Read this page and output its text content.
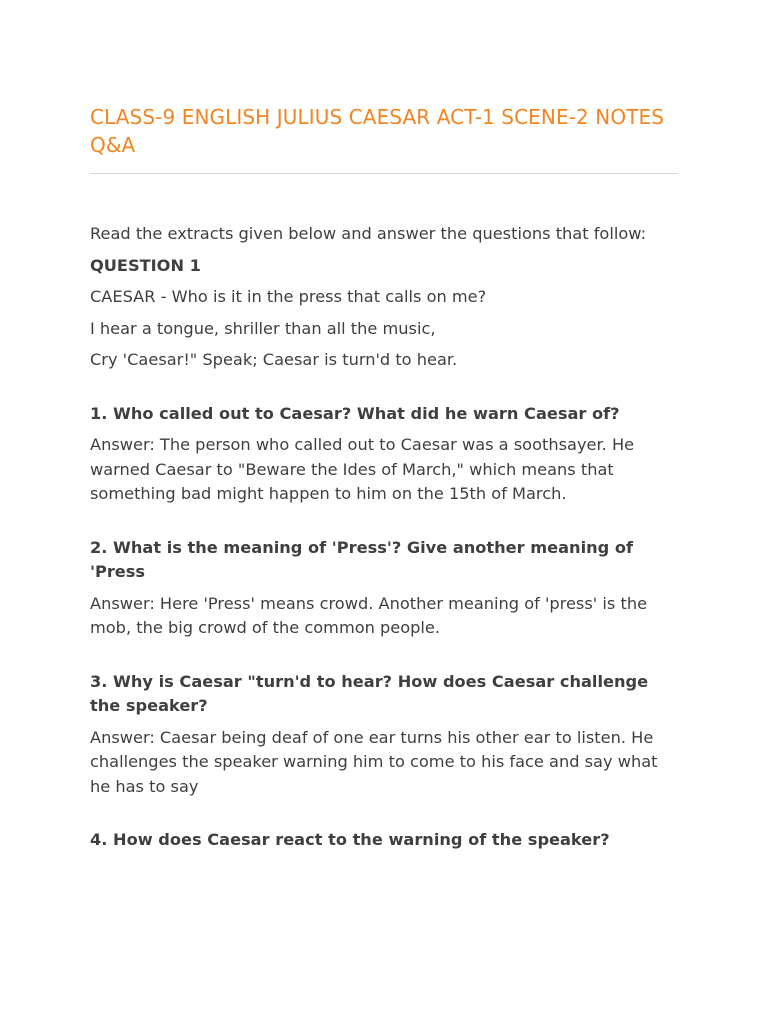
CLASS-9 ENGLISH JULIUS CAESAR ACT-1 SCENE-2 NOTES Q&A

Read the extracts given below and answer the questions that follow:

QUESTION 1

CAESAR - Who is it in the press that calls on me?

I hear a tongue, shriller than all the music,

Cry 'Caesar!" Speak; Caesar is turn'd to hear.

1. Who called out to Caesar? What did he warn Caesar of?

Answer: The person who called out to Caesar was a soothsayer. He warned Caesar to "Beware the Ides of March," which means that something bad might happen to him on the 15th of March.

2. What is the meaning of 'Press'? Give another meaning of 'Press

Answer: Here 'Press' means crowd. Another meaning of 'press' is the mob, the big crowd of the common people.

3. Why is Caesar "turn'd to hear? How does Caesar challenge the speaker?

Answer: Caesar being deaf of one ear turns his other ear to listen. He challenges the speaker warning him to come to his face and say what he has to say

4. How does Caesar react to the warning of the speaker?
